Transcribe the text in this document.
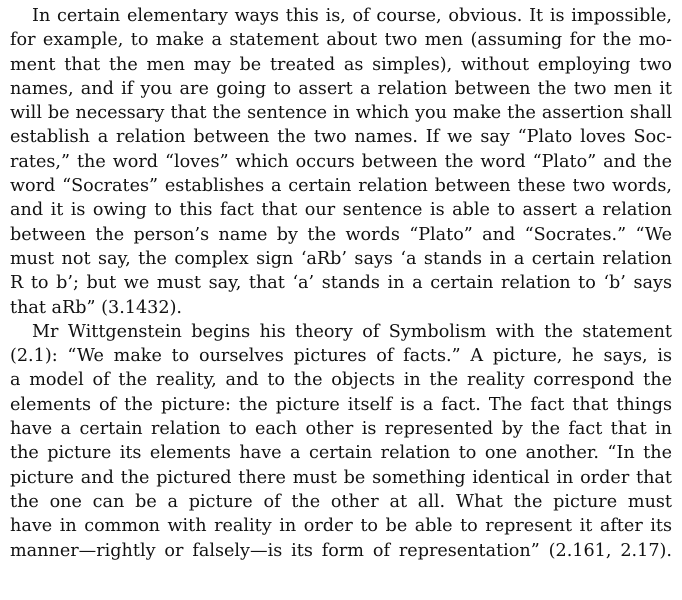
In certain elementary ways this is, of course, obvious. It is impossible,
for example, to make a statement about two men (assuming for the mo-
ment that the men may be treated as simples), without employing two
names, and if you are going to assert a relation between the two men it
will be necessary that the sentence in which you make the assertion shall
establish a relation between the two names. If we say “Plato loves Soc-
rates,” the word “loves” which occurs between the word “Plato” and the
word “Socrates” establishes a certain relation between these two words,
and it is owing to this fact that our sentence is able to assert a relation
between the person’s name by the words “Plato” and “Socrates.” “We
must not say, the complex sign ‘aRb’ says ‘a stands in a certain relation
R to b’; but we must say, that ‘a’ stands in a certain relation to ‘b’ says
that aRb” (3.1432).
Mr Wittgenstein begins his theory of Symbolism with the statement
(2.1): “We make to ourselves pictures of facts.” A picture, he says, is
a model of the reality, and to the objects in the reality correspond the
elements of the picture: the picture itself is a fact. The fact that things
have a certain relation to each other is represented by the fact that in
the picture its elements have a certain relation to one another. “In the
picture and the pictured there must be something identical in order that
the one can be a picture of the other at all. What the picture must
have in common with reality in order to be able to represent it after its
manner—rightly or falsely—is its form of representation” (2.161, 2.17).
